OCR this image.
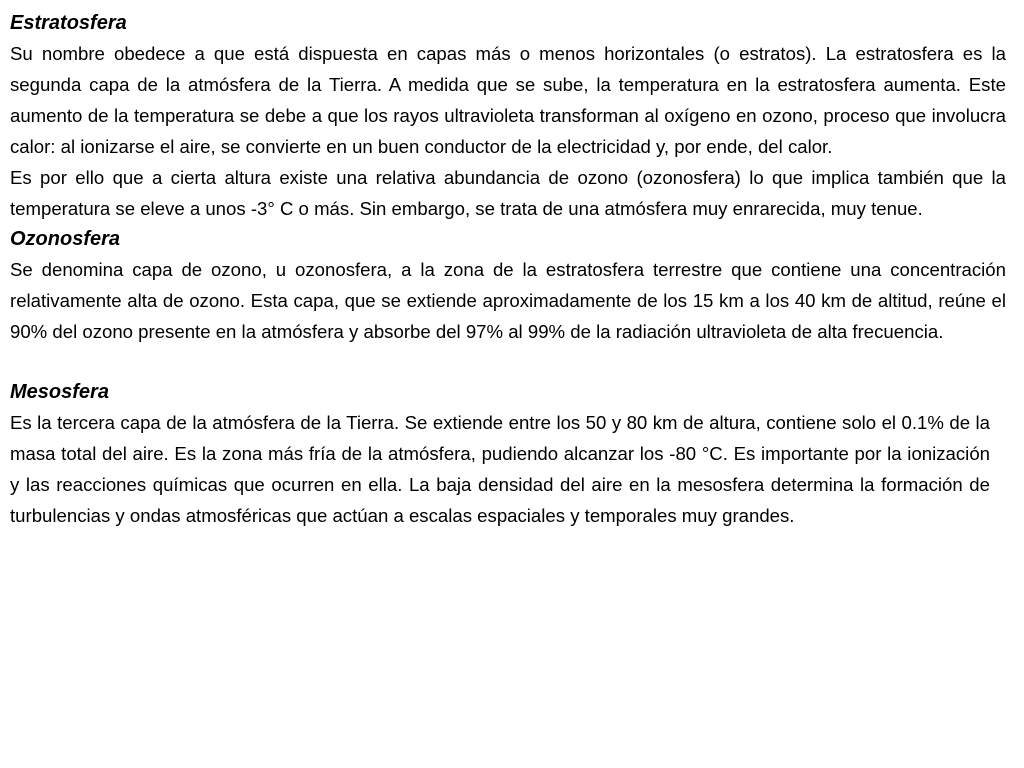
Estratosfera

Su nombre obedece a que está dispuesta en capas más o menos horizontales (o estratos). La estratosfera es la segunda capa de la atmósfera de la Tierra. A medida que se sube, la temperatura en la estratosfera aumenta. Este aumento de la temperatura se debe a que los rayos ultravioleta transforman al oxígeno en ozono, proceso que involucra calor: al ionizarse el aire, se convierte en un buen conductor de la electricidad y, por ende, del calor.

Es por ello que a cierta altura existe una relativa abundancia de ozono (ozonosfera) lo que implica también que la temperatura se eleve a unos -3° C o más. Sin embargo, se trata de una atmósfera muy enrarecida, muy tenue.

Ozonosfera

Se denomina capa de ozono, u ozonosfera, a la zona de la estratosfera terrestre que contiene una concentración relativamente alta de ozono. Esta capa, que se extiende aproximadamente de los 15 km a los 40 km de altitud, reúne el 90% del ozono presente en la atmósfera y absorbe del 97% al 99% de la radiación ultravioleta de alta frecuencia.

Mesosfera

Es la tercera capa de la atmósfera de la Tierra. Se extiende entre los 50 y 80 km de altura, contiene solo el 0.1% de la masa total del aire. Es la zona más fría de la atmósfera, pudiendo alcanzar los -80 °C. Es importante por la ionización y las reacciones químicas que ocurren en ella. La baja densidad del aire en la mesosfera determina la formación de turbulencias y ondas atmosféricas que actúan a escalas espaciales y temporales muy grandes.
